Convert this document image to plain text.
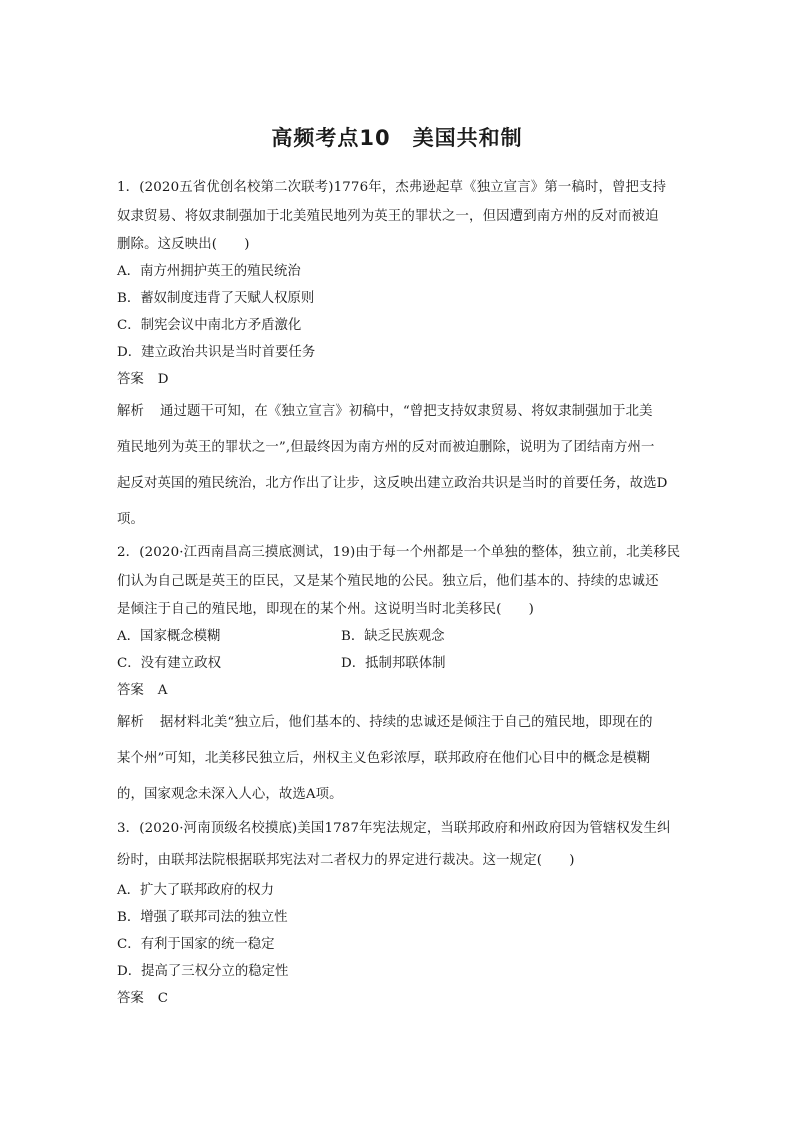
高频考点10　美国共和制
1．(2020五省优创名校第二次联考)1776年，杰弗逊起草《独立宣言》第一稿时，曾把支持
奴隶贸易、将奴隶制强加于北美殖民地列为英王的罪状之一，但因遭到南方州的反对而被迫
删除。这反映出(　　)
A．南方州拥护英王的殖民统治
B．蓄奴制度违背了天赋人权原则
C．制宪会议中南北方矛盾激化
D．建立政治共识是当时首要任务
答案 D
解析 通过题干可知，在《独立宣言》初稿中，“曾把支持奴隶贸易、将奴隶制强加于北美
殖民地列为英王的罪状之一”,但最终因为南方州的反对而被迫删除，说明为了团结南方州一
起反对英国的殖民统治，北方作出了让步，这反映出建立政治共识是当时的首要任务，故选D
项。
2．(2020·江西南昌高三摸底测试，19)由于每一个州都是一个单独的整体，独立前，北美移民
们认为自己既是英王的臣民，又是某个殖民地的公民。独立后，他们基本的、持续的忠诚还
是倾注于自己的殖民地，即现在的某个州。这说明当时北美移民(　　)
A．国家概念模糊	B．缺乏民族观念
C．没有建立政权	D．抵制邦联体制
答案 A
解析 据材料北美“独立后，他们基本的、持续的忠诚还是倾注于自己的殖民地，即现在的
某个州”可知，北美移民独立后，州权主义色彩浓厚，联邦政府在他们心目中的概念是模糊
的，国家观念未深入人心，故选A项。
3．(2020·河南顶级名校摸底)美国1787年宪法规定，当联邦政府和州政府因为管辖权发生纠
纷时，由联邦法院根据联邦宪法对二者权力的界定进行裁决。这一规定(　　)
A．扩大了联邦政府的权力
B．增强了联邦司法的独立性
C．有利于国家的统一稳定
D．提高了三权分立的稳定性
答案 C
